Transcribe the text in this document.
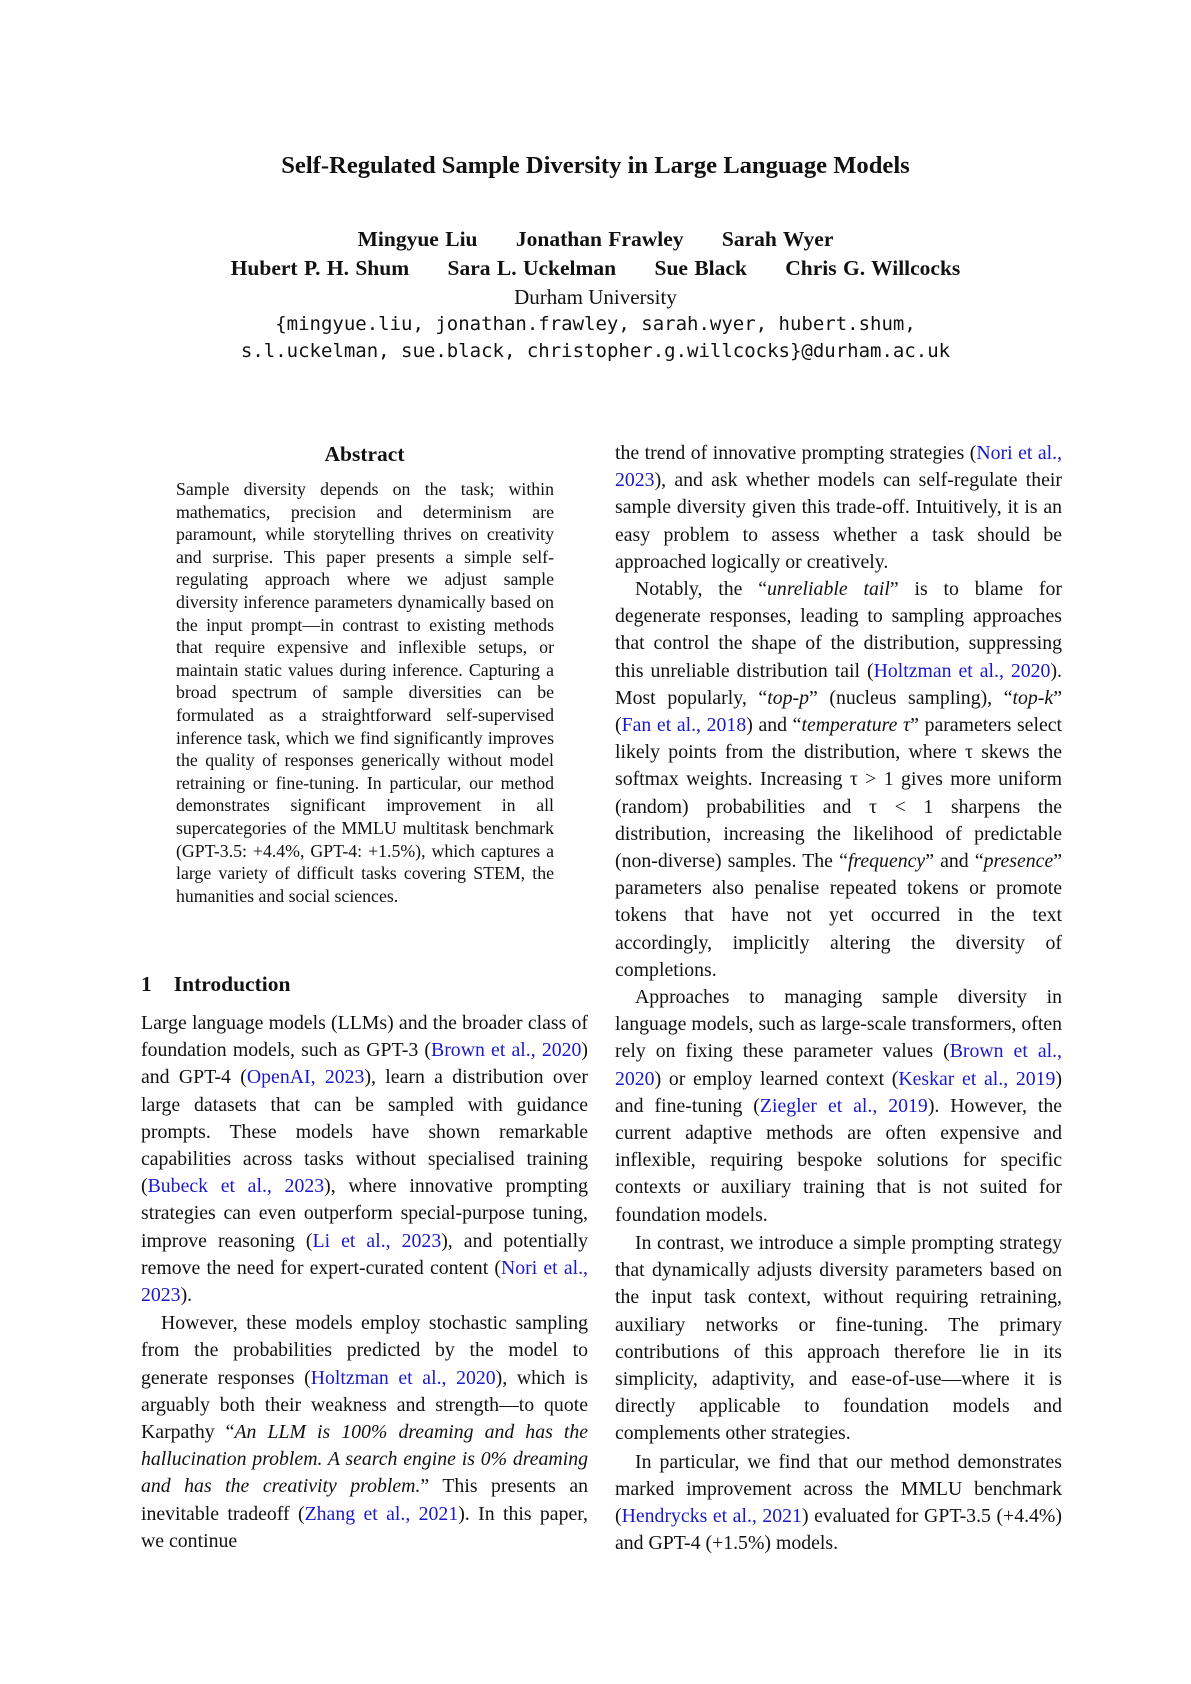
Self-Regulated Sample Diversity in Large Language Models
Mingyue Liu Jonathan Frawley Sarah Wyer
Hubert P. H. Shum Sara L. Uckelman Sue Black Chris G. Willcocks
Durham University
{mingyue.liu, jonathan.frawley, sarah.wyer, hubert.shum,
s.l.uckelman, sue.black, christopher.g.willcocks}@durham.ac.uk
Abstract

Sample diversity depends on the task; within mathematics, precision and determinism are paramount, while storytelling thrives on creativity and surprise. This paper presents a simple self-regulating approach where we adjust sample diversity inference parameters dynamically based on the input prompt—in contrast to existing methods that require expensive and inflexible setups, or maintain static values during inference. Capturing a broad spectrum of sample diversities can be formulated as a straightforward self-supervised inference task, which we find significantly improves the quality of responses generically without model retraining or fine-tuning. In particular, our method demonstrates significant improvement in all supercategories of the MMLU multitask benchmark (GPT-3.5: +4.4%, GPT-4: +1.5%), which captures a large variety of difficult tasks covering STEM, the humanities and social sciences.

1 Introduction

Large language models (LLMs) and the broader class of foundation models, such as GPT-3 (Brown et al., 2020) and GPT-4 (OpenAI, 2023), learn a distribution over large datasets that can be sampled with guidance prompts. These models have shown remarkable capabilities across tasks without specialised training (Bubeck et al., 2023), where innovative prompting strategies can even outperform special-purpose tuning, improve reasoning (Li et al., 2023), and potentially remove the need for expert-curated content (Nori et al., 2023).

However, these models employ stochastic sampling from the probabilities predicted by the model to generate responses (Holtzman et al., 2020), which is arguably both their weakness and strength—to quote Karpathy “An LLM is 100% dreaming and has the hallucination problem. A search engine is 0% dreaming and has the creativity problem.” This presents an inevitable tradeoff (Zhang et al., 2021). In this paper, we continue

the trend of innovative prompting strategies (Nori et al., 2023), and ask whether models can self-regulate their sample diversity given this trade-off. Intuitively, it is an easy problem to assess whether a task should be approached logically or creatively.

Notably, the “unreliable tail” is to blame for degenerate responses, leading to sampling approaches that control the shape of the distribution, suppressing this unreliable distribution tail (Holtzman et al., 2020). Most popularly, “top-p” (nucleus sampling), “top-k” (Fan et al., 2018) and “temperature τ” parameters select likely points from the distribution, where τ skews the softmax weights. Increasing τ > 1 gives more uniform (random) probabilities and τ < 1 sharpens the distribution, increasing the likelihood of predictable (non-diverse) samples. The “frequency” and “presence” parameters also penalise repeated tokens or promote tokens that have not yet occurred in the text accordingly, implicitly altering the diversity of completions.

Approaches to managing sample diversity in language models, such as large-scale transformers, often rely on fixing these parameter values (Brown et al., 2020) or employ learned context (Keskar et al., 2019) and fine-tuning (Ziegler et al., 2019). However, the current adaptive methods are often expensive and inflexible, requiring bespoke solutions for specific contexts or auxiliary training that is not suited for foundation models.

In contrast, we introduce a simple prompting strategy that dynamically adjusts diversity parameters based on the input task context, without requiring retraining, auxiliary networks or fine-tuning. The primary contributions of this approach therefore lie in its simplicity, adaptivity, and ease-of-use—where it is directly applicable to foundation models and complements other strategies.

In particular, we find that our method demonstrates marked improvement across the MMLU benchmark (Hendrycks et al., 2021) evaluated for GPT-3.5 (+4.4%) and GPT-4 (+1.5%) models.
